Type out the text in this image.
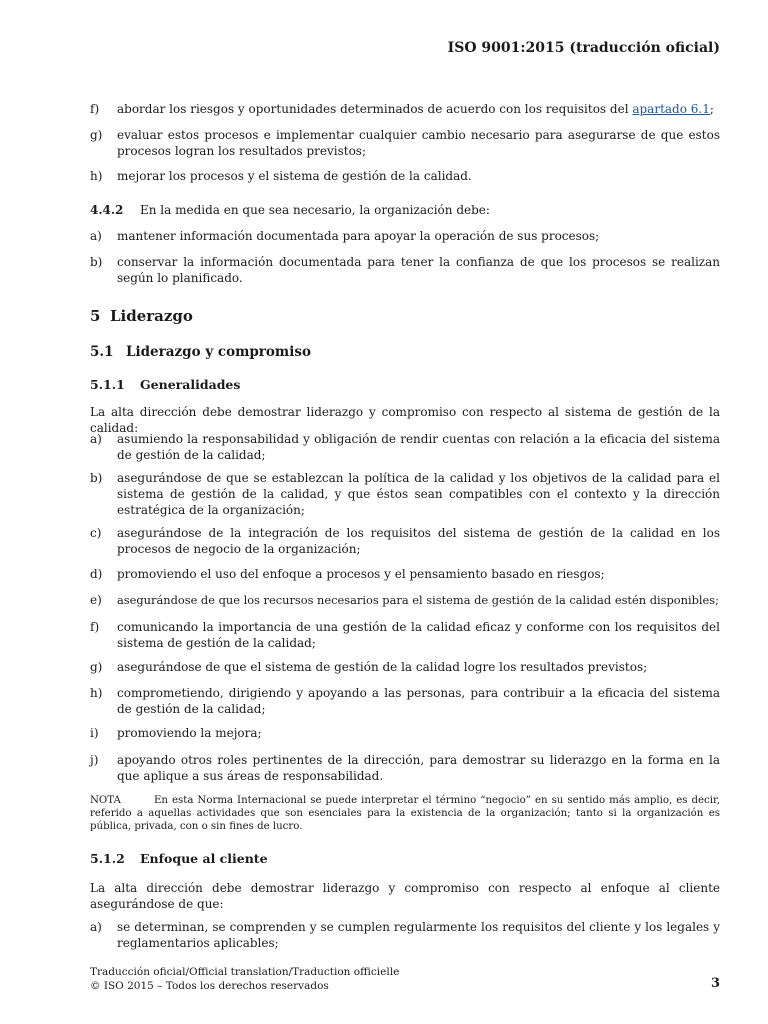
ISO 9001:2015 (traducción oficial)
f)	abordar los riesgos y oportunidades determinados de acuerdo con los requisitos del apartado 6.1;
g)	evaluar estos procesos e implementar cualquier cambio necesario para asegurarse de que estos procesos logran los resultados previstos;
h)	mejorar los procesos y el sistema de gestión de la calidad.
4.4.2	En la medida en que sea necesario, la organización debe:
a)	mantener información documentada para apoyar la operación de sus procesos;
b)	conservar la información documentada para tener la confianza de que los procesos se realizan según lo planificado.
5 Liderazgo
5.1 Liderazgo y compromiso
5.1.1 Generalidades
La alta dirección debe demostrar liderazgo y compromiso con respecto al sistema de gestión de la calidad:
a)	asumiendo la responsabilidad y obligación de rendir cuentas con relación a la eficacia del sistema de gestión de la calidad;
b)	asegurándose de que se establezcan la política de la calidad y los objetivos de la calidad para el sistema de gestión de la calidad, y que éstos sean compatibles con el contexto y la dirección estratégica de la organización;
c)	asegurándose de la integración de los requisitos del sistema de gestión de la calidad en los procesos de negocio de la organización;
d)	promoviendo el uso del enfoque a procesos y el pensamiento basado en riesgos;
e)	asegurándose de que los recursos necesarios para el sistema de gestión de la calidad estén disponibles;
f)	comunicando la importancia de una gestión de la calidad eficaz y conforme con los requisitos del sistema de gestión de la calidad;
g)	asegurándose de que el sistema de gestión de la calidad logre los resultados previstos;
h)	comprometiendo, dirigiendo y apoyando a las personas, para contribuir a la eficacia del sistema de gestión de la calidad;
i)	promoviendo la mejora;
j)	apoyando otros roles pertinentes de la dirección, para demostrar su liderazgo en la forma en la que aplique a sus áreas de responsabilidad.
NOTA	En esta Norma Internacional se puede interpretar el término “negocio” en su sentido más amplio, es decir, referido a aquellas actividades que son esenciales para la existencia de la organización; tanto si la organización es pública, privada, con o sin fines de lucro.
5.1.2 Enfoque al cliente
La alta dirección debe demostrar liderazgo y compromiso con respecto al enfoque al cliente asegurándose de que:
a)	se determinan, se comprenden y se cumplen regularmente los requisitos del cliente y los legales y reglamentarios aplicables;
Traducción oficial/Official translation/Traduction officielle
© ISO 2015 – Todos los derechos reservados	3
